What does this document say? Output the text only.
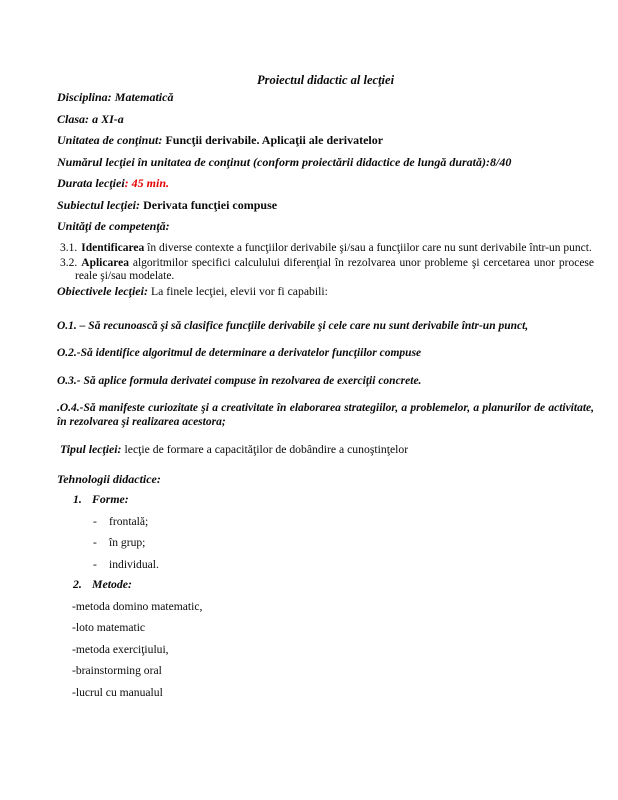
Proiectul didactic al lecţiei

Disciplina: Matematică

Clasa: a XI-a

Unitatea de conţinut: Funcţii derivabile. Aplicaţii ale derivatelor

Numărul lecţiei în unitatea de conţinut (conform proiectării didactice de lungă durată):8/40

Durata lecţiei: 45 min.

Subiectul lecţiei: Derivata funcţiei compuse

Unităţi de competenţă:

3.1. Identificarea în diverse contexte a funcţiilor derivabile şi/sau a funcţiilor care nu sunt derivabile într-un punct.

3.2. Aplicarea algoritmilor specifici calculului diferenţial în rezolvarea unor probleme şi cercetarea unor procese reale şi/sau modelate.

Obiectivele lecţiei: La finele lecţiei, elevii vor fi capabili:

O.1. – Să recunoască şi să clasifice funcţiile derivabile şi cele care nu sunt derivabile într-un punct,

O.2.-Să identifice algoritmul de determinare a derivatelor funcţiilor compuse

O.3.- Să aplice formula derivatei compuse în rezolvarea de exerciţii concrete.

.O.4.-Să manifeste curiozitate şi a creativitate în elaborarea strategiilor, a problemelor, a planurilor de activitate, în rezolvarea şi realizarea acestora;

Tipul lecţiei: lecţie de formare a capacităţilor de dobândire a cunoştinţelor

Tehnologii didactice:

1. Forme:

- frontală;

- în grup;

- individual.

2. Metode:

-metoda domino matematic,

-loto matematic

-metoda exerciţiului,

-brainstorming oral

-lucrul cu manualul
